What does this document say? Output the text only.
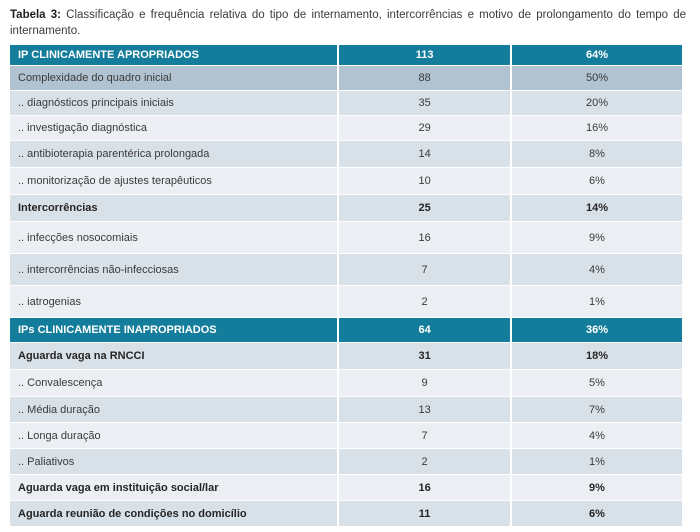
Tabela 3: Classificação e frequência relativa do tipo de internamento, intercorrências e motivo de prolongamento do tempo de internamento.

IP CLINICAMENTE APROPRIADOS	113	64%
Complexidade do quadro inicial	88	50%
.. diagnósticos principais iniciais	35	20%
.. investigação diagnóstica	29	16%
.. antibioterapia parentérica prolongada	14	8%
.. monitorização de ajustes terapêuticos	10	6%
Intercorrências	25	14%
.. infecções nosocomiais	16	9%
.. intercorrências não-infecciosas	7	4%
.. iatrogenias	2	1%
IPs CLINICAMENTE INAPROPRIADOS	64	36%
Aguarda vaga na RNCCI	31	18%
.. Convalescença	9	5%
.. Média duração	13	7%
.. Longa duração	7	4%
.. Paliativos	2	1%
Aguarda vaga em instituição social/lar	16	9%
Aguarda reunião de condições no domicílio	11	6%
